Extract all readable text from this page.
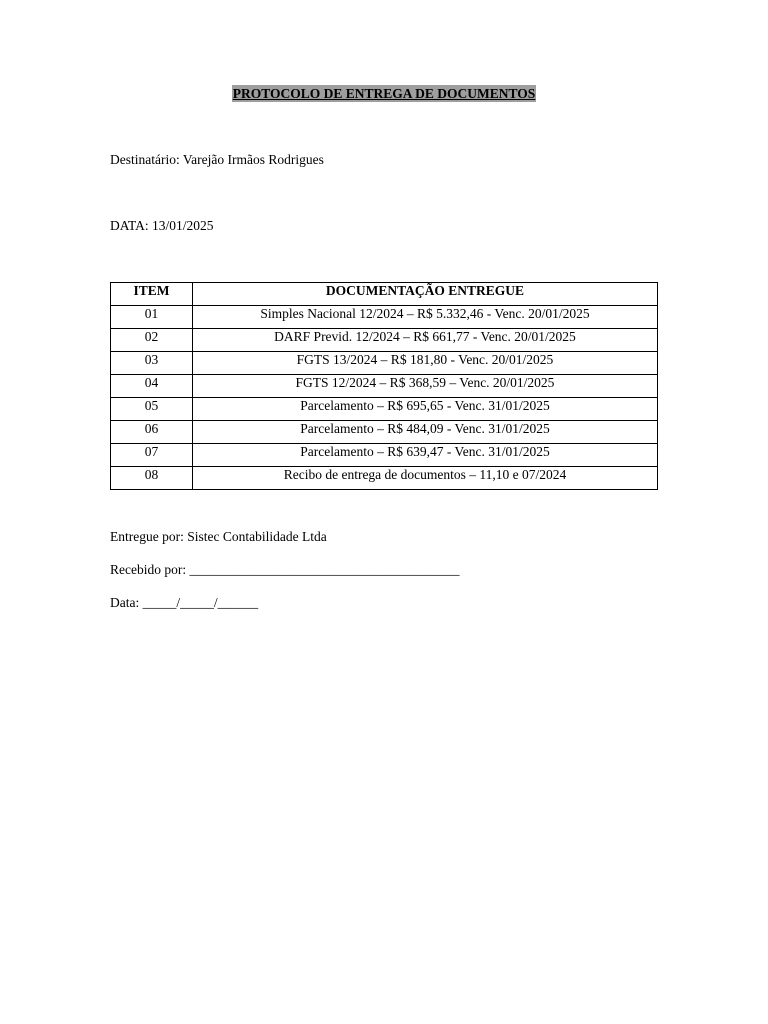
PROTOCOLO DE ENTREGA DE DOCUMENTOS
Destinatário: Varejão Irmãos Rodrigues
DATA: 13/01/2025
ITEM	DOCUMENTAÇÃO ENTREGUE
01	Simples Nacional 12/2024 – R$ 5.332,46 - Venc. 20/01/2025
02	DARF Previd. 12/2024 – R$ 661,77 - Venc. 20/01/2025
03	FGTS 13/2024 – R$ 181,80 - Venc. 20/01/2025
04	FGTS 12/2024 – R$ 368,59 – Venc. 20/01/2025
05	Parcelamento – R$ 695,65 - Venc. 31/01/2025
06	Parcelamento – R$ 484,09 - Venc. 31/01/2025
07	Parcelamento – R$ 639,47 - Venc. 31/01/2025
08	Recibo de entrega de documentos – 11,10 e 07/2024
Entregue por: Sistec Contabilidade Ltda
Recebido por: ________________________________________
Data: _____/_____/______
